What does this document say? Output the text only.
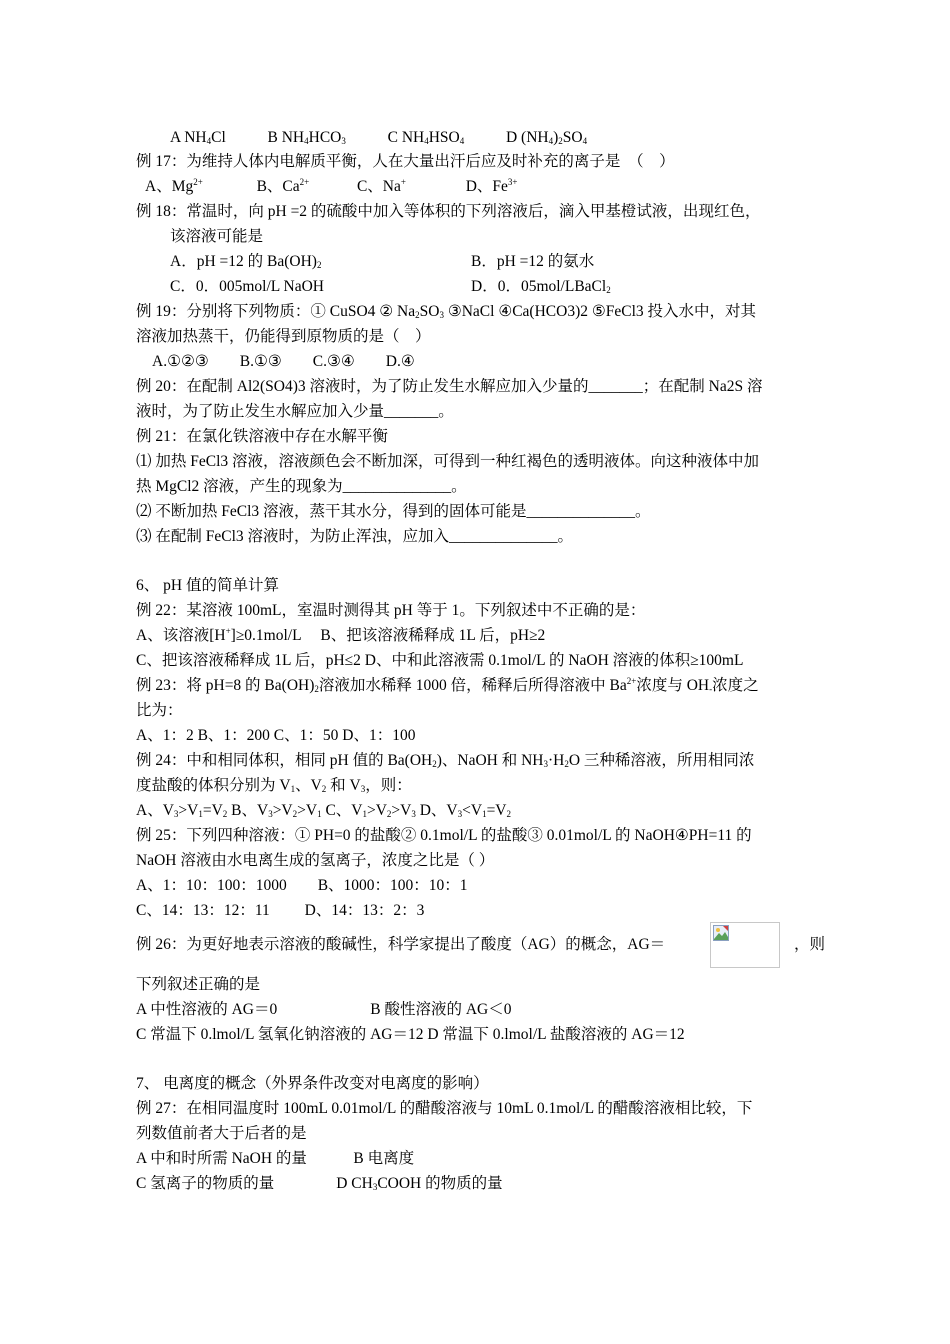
A $NH_4Cl$	B $NH_4HCO_3$	C $NH_4HSO_4$	D $(NH_4)_2SO_4$
例 17：为维持人体内电解质平衡，人在大量出汗后应及时补充的离子是　（　）
A、$Mg^{2+}$	B、$Ca^{2+}$	C、Na+	D、$Fe^{3+}$
例 18：常温时，向 pH =2 的硫酸中加入等体积的下列溶液后，滴入甲基橙试液，出现红色，
该溶液可能是
A．pH =12 的 $Ba(OH)_2$	B．pH =12 的氨水
C．0．005mol/L NaOH	D．0．05mol/LBaCl$_2$
例 19：分别将下列物质：① CuSO4 ② $Na_2SO_3$ ③NaCl ④Ca(HCO3)2 ⑤FeCl3 投入水中，对其
溶液加热蒸干，仍能得到原物质的是（　）
A.①②③　　B.①③　　C.③④　　D.④
例 20：在配制 Al2(SO4)3 溶液时，为了防止发生水解应加入少量的_______；在配制 Na2S 溶
液时，为了防止发生水解应加入少量_______。
例 21：在氯化铁溶液中存在水解平衡
⑴ 加热 FeCl3 溶液，溶液颜色会不断加深，可得到一种红褐色的透明液体。向这种液体中加
热 MgCl2 溶液，产生的现象为______________。
⑵ 不断加热 FeCl3 溶液，蒸干其水分，得到的固体可能是______________。
⑶ 在配制 FeCl3 溶液时，为防止浑浊，应加入______________。
6、 pH 值的简单计算
例 22：某溶液 100mL，室温时测得其 pH 等于 1。下列叙述中不正确的是：
A、该溶液[H+]≥0.1mol/L　 B、把该溶液稀释成 1L 后，pH≥2
C、把该溶液稀释成 1L 后，pH≤2 D、中和此溶液需 0.1mol/L 的 NaOH 溶液的体积≥100mL
例 23：将 pH=8 的 $Ba(OH)_2$溶液加水稀释 1000 倍，稀释后所得溶液中 $Ba^{2+}$浓度与 $OH_-$浓度之
比为：
A、1：2 B、1：200 C、1：50 D、1：100
例 24：中和相同体积，相同 pH 值的 $Ba(OH_2)$、NaOH 和 $NH_3\cdot H_2O$ 三种稀溶液，所用相同浓
度盐酸的体积分别为 $V_1$、$V_2$ 和 $V_3$，则：
A、$V_3>V_1=V_2$ B、$V_3>V_2>V_1$ C、$V_1>V_2>V_3$ D、$V_3<V_1=V_2$
例 25：下列四种溶液：① PH=0 的盐酸② 0.1mol/L 的盐酸③ 0.01mol/L 的 NaOH④PH=11 的
NaOH 溶液由水电离生成的氢离子，浓度之比是（ ）
A、1：10：100：1000　　B、1000：100：10：1
C、14：13：12：11　　 D、14：13：2：3
例 26：为更好地表示溶液的酸碱性，科学家提出了酸度（AG）的概念，AG＝	，则
下列叙述正确的是
A 中性溶液的 AG＝0　　　　　　B 酸性溶液的 AG＜0
C 常温下 0.lmol/L 氢氧化钠溶液的 AG＝12 D 常温下 0.lmol/L 盐酸溶液的 AG＝12
7、 电离度的概念（外界条件改变对电离度的影响）
例 27：在相同温度时 100mL 0.01mol/L 的醋酸溶液与 10mL 0.1mol/L 的醋酸溶液相比较，下
列数值前者大于后者的是
A 中和时所需 NaOH 的量　　　B 电离度
C 氢离子的物质的量　　　　D $CH_3COOH$ 的物质的量
